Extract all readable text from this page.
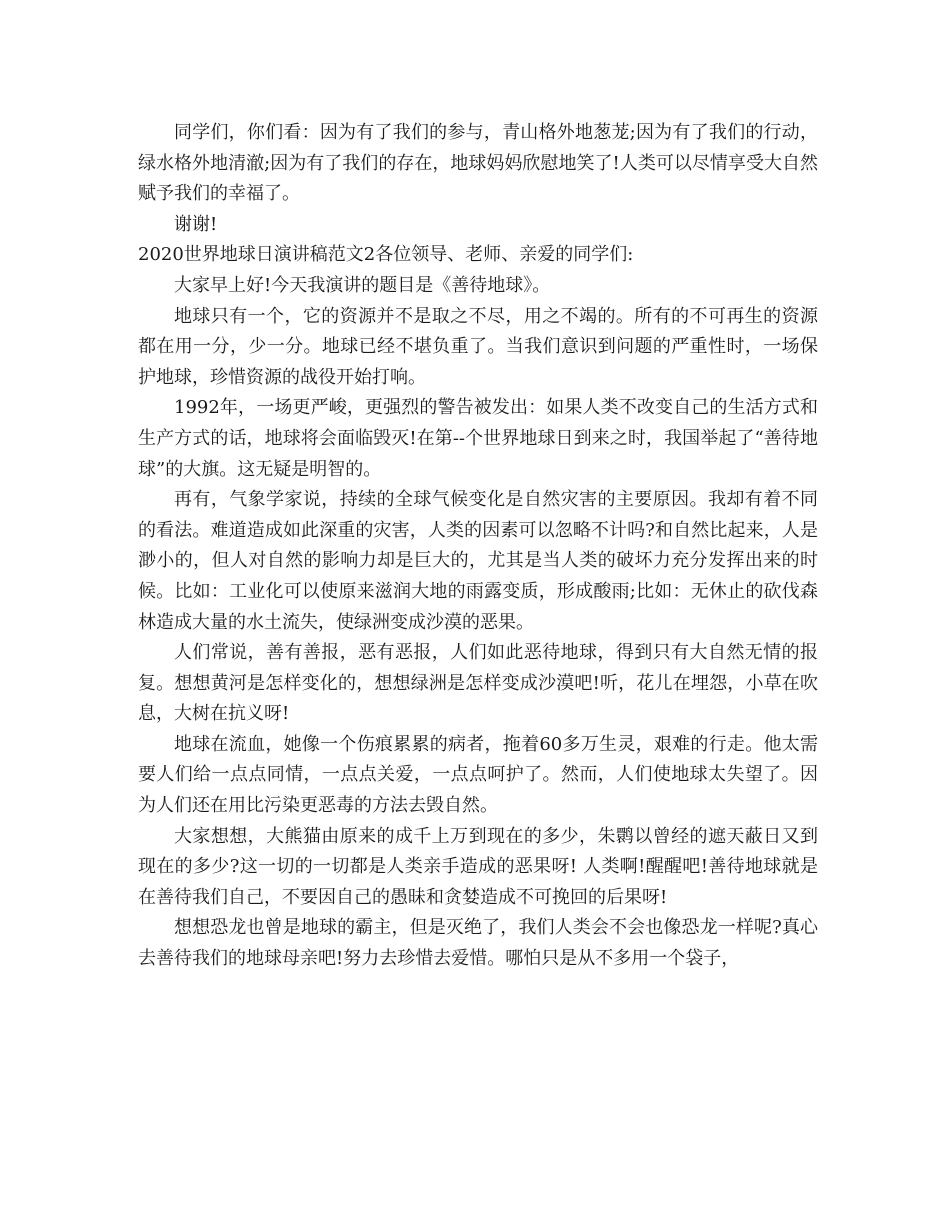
同学们，你们看：因为有了我们的参与，青山格外地葱茏;因为有了我们的行动，绿水格外地清澈;因为有了我们的存在，地球妈妈欣慰地笑了!人类可以尽情享受大自然赋予我们的幸福了。

谢谢!

2020世界地球日演讲稿范文2各位领导、老师、亲爱的同学们:

大家早上好!今天我演讲的题目是《善待地球》。

地球只有一个，它的资源并不是取之不尽，用之不竭的。所有的不可再生的资源都在用一分，少一分。地球已经不堪负重了。当我们意识到问题的严重性时，一场保护地球，珍惜资源的战役开始打响。

1992年，一场更严峻，更强烈的警告被发出：如果人类不改变自己的生活方式和生产方式的话，地球将会面临毁灭!在第--个世界地球日到来之时，我国举起了“善待地球”的大旗。这无疑是明智的。

再有，气象学家说，持续的全球气候变化是自然灾害的主要原因。我却有着不同的看法。难道造成如此深重的灾害，人类的因素可以忽略不计吗?和自然比起来，人是渺小的，但人对自然的影响力却是巨大的，尤其是当人类的破坏力充分发挥出来的时候。比如：工业化可以使原来滋润大地的雨露变质，形成酸雨;比如：无休止的砍伐森林造成大量的水土流失，使绿洲变成沙漠的恶果。

人们常说，善有善报，恶有恶报，人们如此恶待地球，得到只有大自然无情的报复。想想黄河是怎样变化的，想想绿洲是怎样变成沙漠吧!听，花儿在埋怨，小草在吹息，大树在抗义呀!

地球在流血，她像一个伤痕累累的病者，拖着60多万生灵，艰难的行走。他太需要人们给一点点同情，一点点关爱，一点点呵护了。然而，人们使地球太失望了。因为人们还在用比污染更恶毒的方法去毁自然。

大家想想，大熊猫由原来的成千上万到现在的多少，朱鹮以曾经的遮天蔽日又到现在的多少?这一切的一切都是人类亲手造成的恶果呀! 人类啊!醒醒吧!善待地球就是在善待我们自己，不要因自己的愚昧和贪婪造成不可挽回的后果呀!

想想恐龙也曾是地球的霸主，但是灭绝了，我们人类会不会也像恐龙一样呢?真心去善待我们的地球母亲吧!努力去珍惜去爱惜。哪怕只是从不多用一个袋子，
